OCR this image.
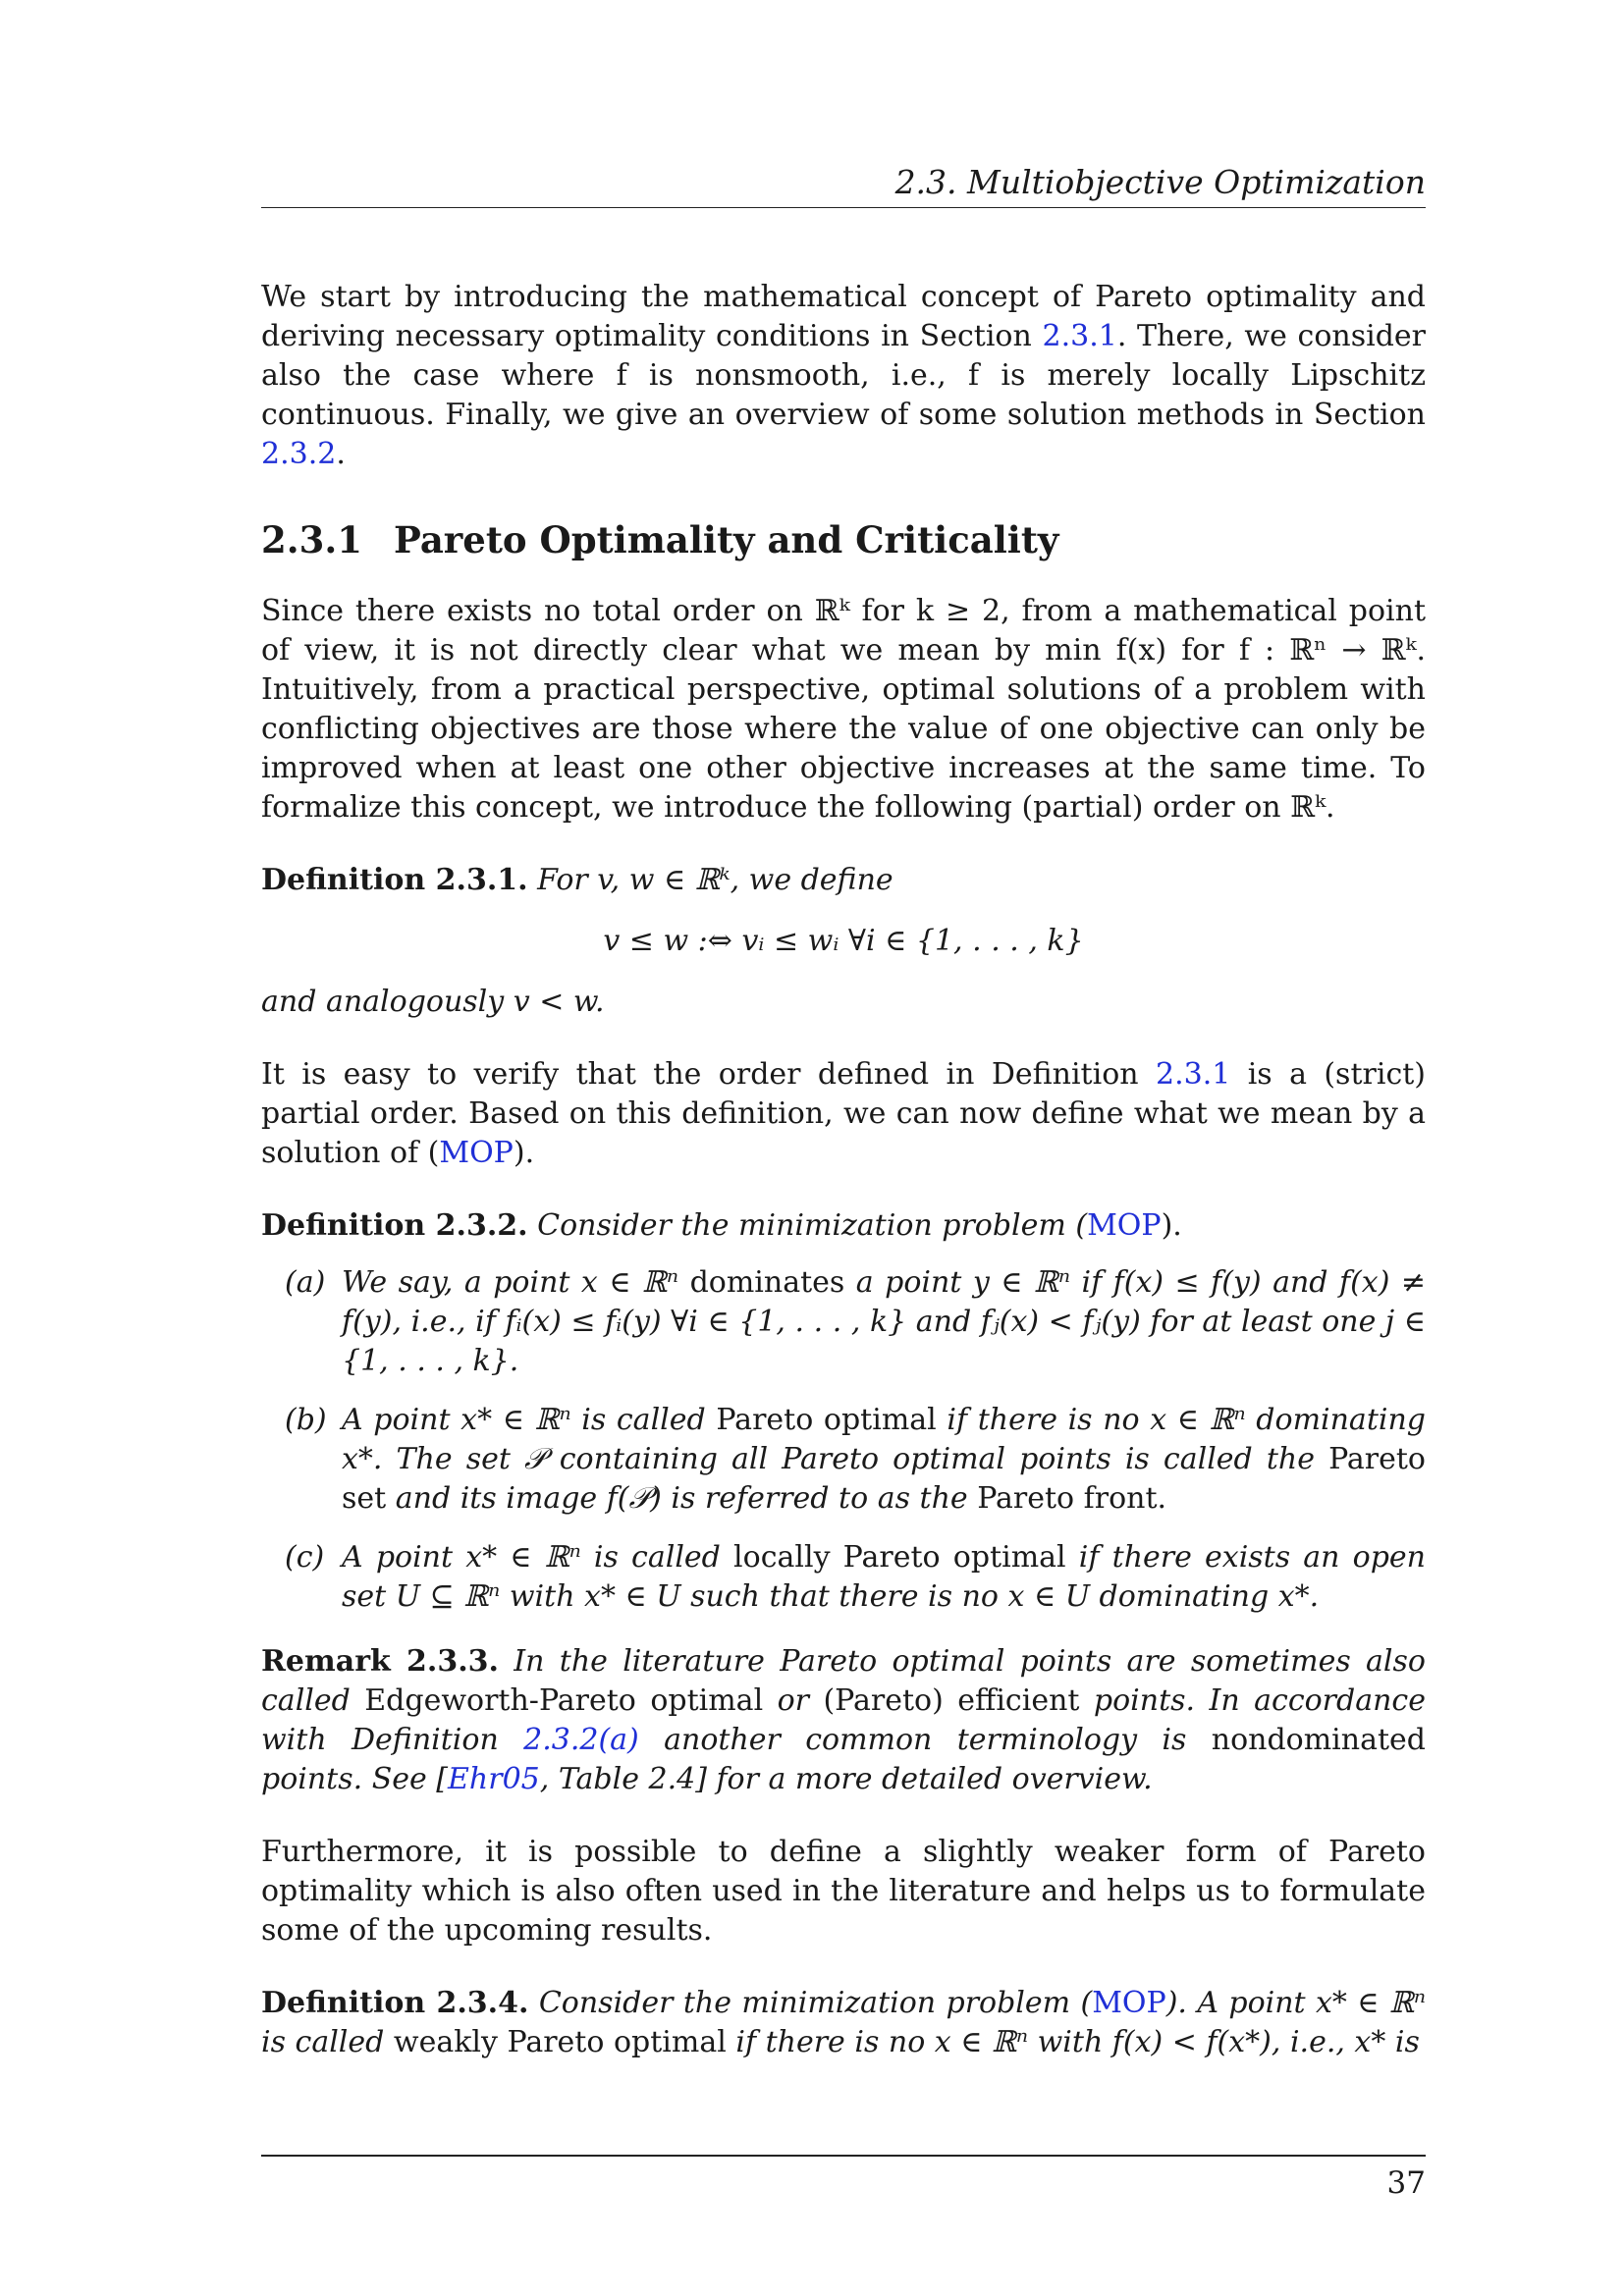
2.3. Multiobjective Optimization

We start by introducing the mathematical concept of Pareto optimality and deriving necessary optimality conditions in Section 2.3.1. There, we consider also the case where f is nonsmooth, i.e., f is merely locally Lipschitz continuous. Finally, we give an overview of some solution methods in Section 2.3.2.

2.3.1 Pareto Optimality and Criticality

Since there exists no total order on ℝᵏ for k ≥ 2, from a mathematical point of view, it is not directly clear what we mean by min f(x) for f : ℝⁿ → ℝᵏ. Intuitively, from a practical perspective, optimal solutions of a problem with conflicting objectives are those where the value of one objective can only be improved when at least one other objective increases at the same time. To formalize this concept, we introduce the following (partial) order on ℝᵏ.

Definition 2.3.1. For v, w ∈ ℝᵏ, we define

v ≤ w :⇔ vᵢ ≤ wᵢ ∀i ∈ {1, . . . , k}

and analogously v < w.

It is easy to verify that the order defined in Definition 2.3.1 is a (strict) partial order. Based on this definition, we can now define what we mean by a solution of (MOP).

Definition 2.3.2. Consider the minimization problem (MOP).

(a) We say, a point x ∈ ℝⁿ dominates a point y ∈ ℝⁿ if f(x) ≤ f(y) and f(x) ≠ f(y), i.e., if fᵢ(x) ≤ fᵢ(y) ∀i ∈ {1, . . . , k} and fⱼ(x) < fⱼ(y) for at least one j ∈ {1, . . . , k}.
(b) A point x* ∈ ℝⁿ is called Pareto optimal if there is no x ∈ ℝⁿ dominating x*. The set 𝒫 containing all Pareto optimal points is called the Pareto set and its image f(𝒫) is referred to as the Pareto front.
(c) A point x* ∈ ℝⁿ is called locally Pareto optimal if there exists an open set U ⊆ ℝⁿ with x* ∈ U such that there is no x ∈ U dominating x*.

Remark 2.3.3. In the literature Pareto optimal points are sometimes also called Edgeworth-Pareto optimal or (Pareto) efficient points. In accordance with Definition 2.3.2(a) another common terminology is nondominated points. See [Ehr05, Table 2.4] for a more detailed overview.

Furthermore, it is possible to define a slightly weaker form of Pareto optimality which is also often used in the literature and helps us to formulate some of the upcoming results.

Definition 2.3.4. Consider the minimization problem (MOP). A point x* ∈ ℝⁿ is called weakly Pareto optimal if there is no x ∈ ℝⁿ with f(x) < f(x*), i.e., x* is

37
